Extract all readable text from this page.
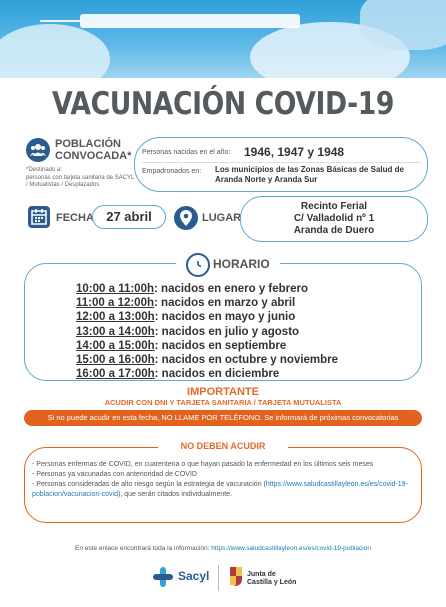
VACUNACIÓN COVID-19
POBLACIÓN
CONVOCADA*
*Destinado a:
personas con tarjeta sanitaria de SACYL / Mutualistas / Desplazados
Personas nacidas en el año: 1946, 1947 y 1948
Empadronados en: Los municipios de las Zonas Básicas de Salud de Aranda Norte y Aranda Sur
FECHA 27 abril	LUGAR
Recinto Ferial
C/ Valladolid nº 1
Aranda de Duero
HORARIO
10:00 a 11:00h: nacidos en enero y febrero
11:00 a 12:00h: nacidos en marzo y abril
12:00 a 13:00h: nacidos en mayo y junio
13:00 a 14:00h: nacidos en julio y agosto
14:00 a 15:00h: nacidos en septiembre
15:00 a 16:00h: nacidos en octubre y noviembre
16:00 a 17:00h: nacidos en diciembre
IMPORTANTE
ACUDIR CON DNI Y TARJETA SANITARIA / TARJETA MUTUALISTA
Si no puede acudir en esta fecha, NO LLAME POR TELÉFONO. Se informará de próximas convocatorias
NO DEBEN ACUDIR
- Personas enfermas de COVID, en cuarentena o que hayan pasado la enfermedad en los últimos seis meses
- Personas ya vacunadas con anterioridad de COVID
- Personas consideradas de alto riesgo según la estrategia de vacunación (https://www.saludcastillayleon.es/es/covid-19-poblacion/vacunacion-covid), que serán citados individualmente.
En este enlace encontrará toda la información: https://www.saludcastillayleon.es/es/covid-19-poblacion
Sacyl	Junta de
Castilla y León
